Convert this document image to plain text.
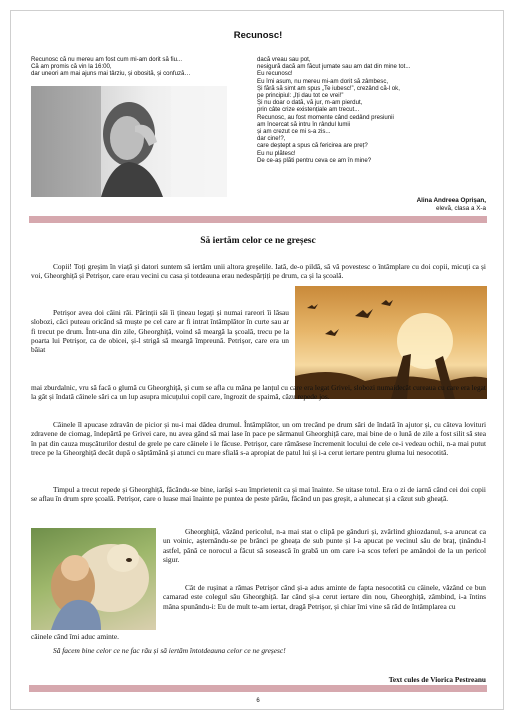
Recunosc!
Recunosc că nu mereu am fost cum mi-am dorit să fiu...
Că am promis că vin la 16:00,
dar uneori am mai ajuns mai târziu, și obosită, și confuză…
dacă vreau sau pot,
nesigură dacă am făcut jumate sau am dat din mine tot...
Eu recunosc!
Eu îmi asum, nu mereu mi-am dorit să zâmbesc,
Și fără să simt am spus „Te iubesc!”, crezând că-l ok,
pe principiul: „Îți dau tot ce vrei!”
Și nu doar o dată, vă jur, m-am pierdut,
prin câte crize existențiale am trecut...
Recunosc, au fost momente când cedând presiunii
am încercat să intru în rândul lumii
și am crezut ce mi s-a zis...
dar cine!?,
care deștept a spus că fericirea are preț?
Eu nu plătesc!
De ce-aș plăti pentru ceva ce am în mine?
Alina Andreea Oprișan,
elevă, clasa a X-a
Să iertăm celor ce ne greșesc
Copii! Toți greșim în viață și datori suntem să iertăm unii altora greșelile. Iată, de-o pildă, să vă povestesc o întâmplare cu doi copii, micuți ca și voi, Gheorghiță și Petrișor, care erau vecini cu casa și totdeauna erau nedespărțiți pe drum, ca și la școală.
Petrișor avea doi câini răi. Părinții săi îi țineau legați și numai rareori îi lăsau slobozi, căci puteau oricând să muște pe cel care ar fi intrat întâmplător în curte sau ar fi trecut pe drum. Într-una din zile, Gheorghiță, voind să meargă la școală, trecu pe la poarta lui Petrișor, ca de obicei, și-l strigă să meargă împreună. Petrișor, care era un băiat
mai zburdalnic, vru să facă o glumă cu Gheorghiță, și cum se afla cu mâna pe lanțul cu care era legat Grivei, slobozi numaidecât cureaua cu care era legat la gât și îndată câinele sări ca un lup asupra micuțului copil care, îngrozit de spaimă, căzu repede jos.
Câinele îl apucase zdravăn de picior și nu-i mai dădea drumul. Întâmplător, un om trecând pe drum sări de îndată în ajutor și, cu câteva lovituri zdravene de ciomag, îndepărtă pe Grivei care, nu avea gând să mai lase în pace pe sărmanul Gheorghiță care, mai bine de o lună de zile a fost silit să stea în pat din cauza mușcăturilor destul de grele pe care câinele i le făcuse. Petrișor, care rămăsese încremenit locului de cele ce-i vedeau ochii, n-a mai putut trece pe la Gheorghiță decât după o săptămână și atunci cu mare sfială s-a apropiat de patul lui și i-a cerut iertare pentru gluma lui nesocotită.
Timpul a trecut repede și Gheorghiță, făcându-se bine, iarăși s-au împrietenit ca și mai înainte. Se uitase totul. Era o zi de iarnă când cei doi copii se aflau în drum spre școală. Petrișor, care o luase mai înainte pe puntea de peste pârâu, făcând un pas greșit, a alunecat și a căzut sub gheață.
Gheorghiță, văzând pericolul, n-a mai stat o clipă pe gânduri și, zvârlind ghiozdanul, s-a aruncat ca un voinic, așternându-se pe brânci pe gheața de sub punte și l-a apucat pe vecinul său de braț, ținându-l astfel, până ce norocul a făcut să sosească în grabă un om care i-a scos teferi pe amândoi de la un pericol sigur.
Cât de rușinat a rămas Petrișor când și-a adus aminte de fapta nesocotită cu câinele, văzând ce bun camarad este colegul său Gheorghiță. Iar când și-a cerut iertare din nou, Gheorghiță, zâmbind, i-a întins mâna spunându-i: Eu de mult te-am iertat, dragă Petrișor, și chiar îmi vine să râd de întâmplarea cu
câinele când îmi aduc aminte.
Să facem bine celor ce ne fac rău și să iertăm întotdeauna celor ce ne greșesc!
Text cules de Viorica Pestreanu
6
